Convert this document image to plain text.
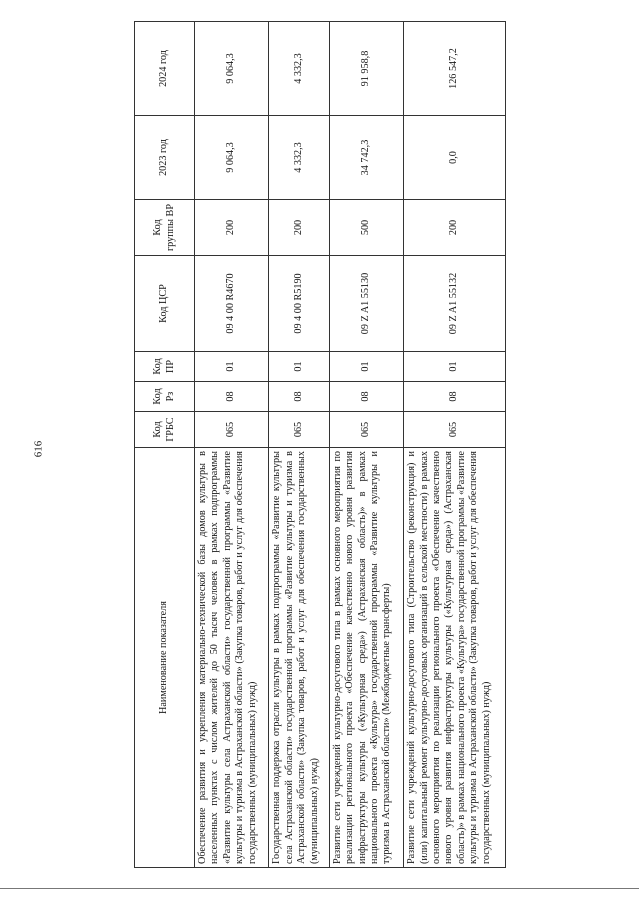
616
Наименование показателя	Код ГРБС	Код Рз	Код ПР	Код ЦСР	Код группы ВР	2023 год	2024 год
Обеспечение развития и укрепления материально-технической базы домов культуры в населенных пунктах с числом жителей до 50 тысяч человек в рамках подпрограммы «Развитие культуры села Астраханской области» государственной программы «Развитие культуры и туризма в Астраханской области» (Закупка товаров, работ и услуг для обеспечения государственных (муниципальных) нужд)	065	08	01	09 4 00 R4670	200	9 064,3	9 064,3
Государственная поддержка отрасли культуры в рамках подпрограммы «Развитие культуры села Астраханской области» государственной программы «Развитие культуры и туризма в Астраханской области» (Закупка товаров, работ и услуг для обеспечения государственных (муниципальных) нужд)	065	08	01	09 4 00 R5190	200	4 332,3	4 332,3
Развитие сети учреждений культурно-досугового типа в рамках основного мероприятия по реализации регионального проекта «Обеспечение качественно нового уровня развития инфраструктуры культуры («Культурная среда») (Астраханская область)» в рамках национального проекта «Культура» государственной программы «Развитие культуры и туризма в Астраханской области» (Межбюджетные трансферты)	065	08	01	09 Z A1 55130	500	34 742,3	91 958,8
Развитие сети учреждений культурно-досугового типа (Строительство (реконструкция) и (или) капитальный ремонт культурно-досуговых организаций в сельской местности) в рамках основного мероприятия по реализации регионального проекта «Обеспечение качественно нового уровня развития инфраструктуры культуры («Культурная среда») (Астраханская область)» в рамках национального проекта «Культура» государственной программы «Развитие культуры и туризма в Астраханской области» (Закупка товаров, работ и услуг для обеспечения государственных (муниципальных) нужд)	065	08	01	09 Z A1 55132	200	0,0	126 547,2
